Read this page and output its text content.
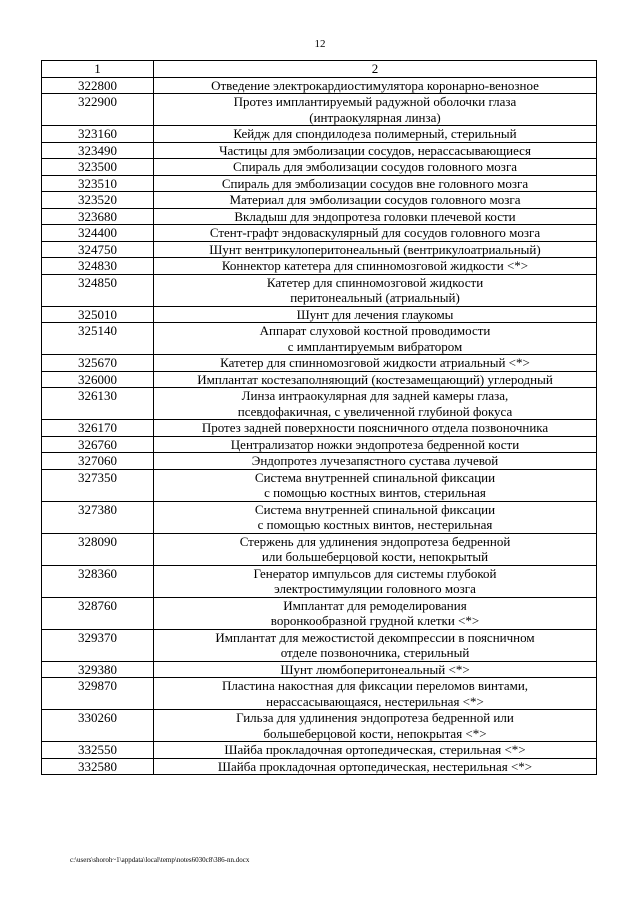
12
1	2
322800	Отведение электрокардиостимулятора коронарно-венозное
322900	Протез имплантируемый радужной оболочки глаза
(интраокулярная линза)
323160	Кейдж для спондилодеза полимерный, стерильный
323490	Частицы для эмболизации сосудов, нерассасывающиеся
323500	Спираль для эмболизации сосудов головного мозга
323510	Спираль для эмболизации сосудов вне головного мозга
323520	Материал для эмболизации сосудов головного мозга
323680	Вкладыш для эндопротеза головки плечевой кости
324400	Стент-графт эндоваскулярный для сосудов головного мозга
324750	Шунт вентрикулоперитонеальный (вентрикулоатриальный)
324830	Коннектор катетера для спинномозговой жидкости <*>
324850	Катетер для спинномозговой жидкости
перитонеальный (атриальный)
325010	Шунт для лечения глаукомы
325140	Аппарат слуховой костной проводимости
с имплантируемым вибратором
325670	Катетер для спинномозговой жидкости атриальный <*>
326000	Имплантат костезаполняющий (костезамещающий) углеродный
326130	Линза интраокулярная для задней камеры глаза,
псевдофакичная, с увеличенной глубиной фокуса
326170	Протез задней поверхности поясничного отдела позвоночника
326760	Централизатор ножки эндопротеза бедренной кости
327060	Эндопротез лучезапястного сустава лучевой
327350	Система внутренней спинальной фиксации
с помощью костных винтов, стерильная
327380	Система внутренней спинальной фиксации
с помощью костных винтов, нестерильная
328090	Стержень для удлинения эндопротеза бедренной
или большеберцовой кости, непокрытый
328360	Генератор импульсов для системы глубокой
электростимуляции головного мозга
328760	Имплантат для ремоделирования
воронкообразной грудной клетки <*>
329370	Имплантат для межостистой декомпрессии в поясничном
отделе позвоночника, стерильный
329380	Шунт люмбоперитонеальный <*>
329870	Пластина накостная для фиксации переломов винтами,
нерассасывающаяся, нестерильная <*>
330260	Гильза для удлинения эндопротеза бедренной или
большеберцовой кости, непокрытая <*>
332550	Шайба прокладочная ортопедическая, стерильная <*>
332580	Шайба прокладочная ортопедическая, нестерильная <*>
c:\users\shoroh~1\appdata\local\temp\notes6030c8\386-nn.docx
